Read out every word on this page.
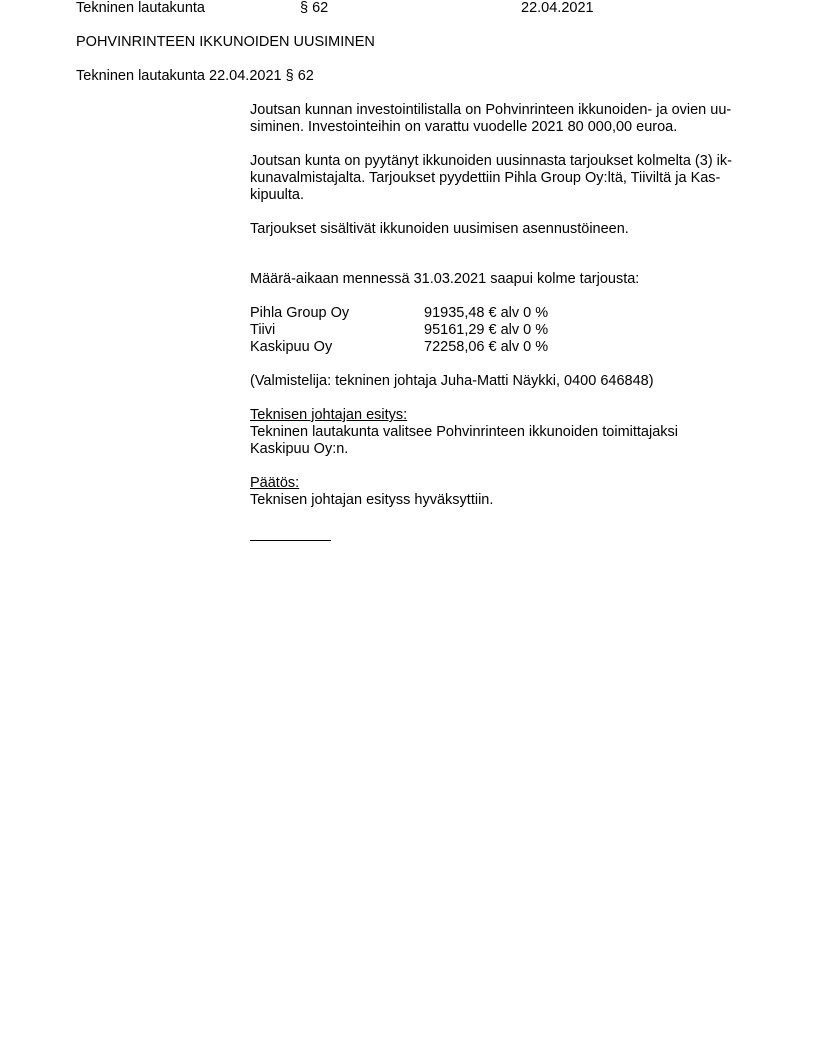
Tekninen lautakunta	§ 62	22.04.2021
POHVINRINTEEN IKKUNOIDEN UUSIMINEN
Tekninen lautakunta 22.04.2021 § 62
Joutsan kunnan investointilistalla on Pohvinrinteen ikkunoiden- ja ovien uu-
siminen. Investointeihin on varattu vuodelle 2021 80 000,00 euroa.
Joutsan kunta on pyytänyt ikkunoiden uusinnasta tarjoukset kolmelta (3) ik-
kunavalmistajalta. Tarjoukset pyydettiin Pihla Group Oy:ltä, Tiiviltä ja Kas-
kipuulta.
Tarjoukset sisältivät ikkunoiden uusimisen asennustöineen.
Määrä-aikaan mennessä 31.03.2021 saapui kolme tarjousta:
Pihla Group Oy	91935,48 € alv 0 %
Tiivi	95161,29 € alv 0 %
Kaskipuu Oy	72258,06 € alv 0 %
(Valmistelija: tekninen johtaja Juha-Matti Näykki, 0400 646848)
Teknisen johtajan esitys:
Tekninen lautakunta valitsee Pohvinrinteen ikkunoiden toimittajaksi
Kaskipuu Oy:n.
Päätös:
Teknisen johtajan esityss hyväksyttiin.
